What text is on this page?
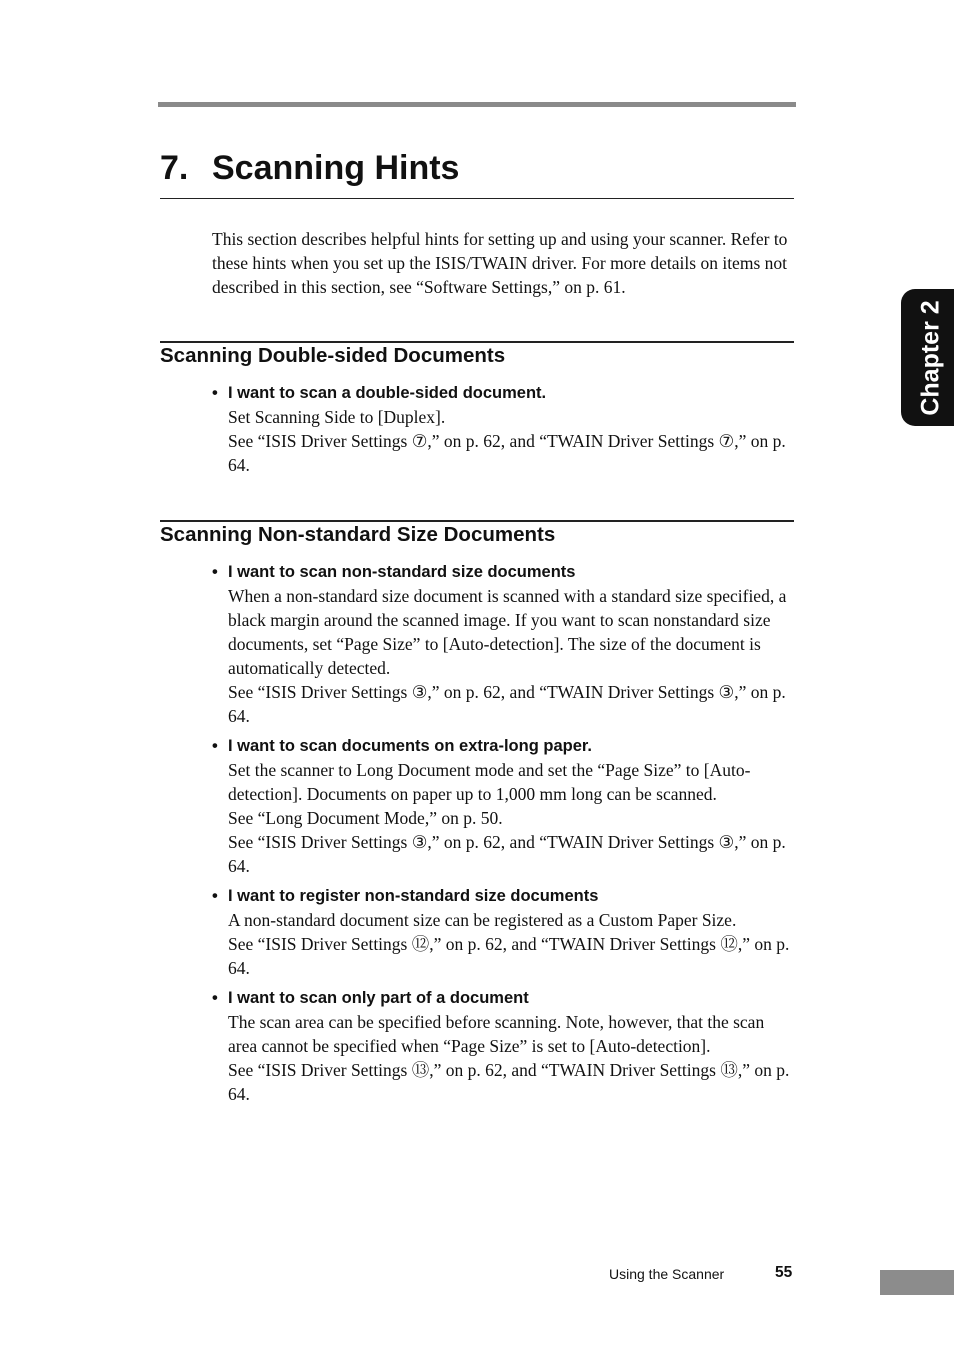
7. Scanning Hints

This section describes helpful hints for setting up and using your scanner. Refer to these hints when you set up the ISIS/TWAIN driver. For more details on items not described in this section, see “Software Settings,” on p. 61.

Scanning Double-sided Documents

• I want to scan a double-sided document.

Set Scanning Side to [Duplex].

See “ISIS Driver Settings ⑦,” on p. 62, and “TWAIN Driver Settings ⑦,” on p. 64.

Scanning Non-standard Size Documents

• I want to scan non-standard size documents

When a non-standard size document is scanned with a standard size specified, a black margin around the scanned image. If you want to scan nonstandard size documents, set “Page Size” to [Auto-detection]. The size of the document is automatically detected.

See “ISIS Driver Settings ③,” on p. 62, and “TWAIN Driver Settings ③,” on p. 64.

• I want to scan documents on extra-long paper.

Set the scanner to Long Document mode and set the “Page Size” to [Auto-detection]. Documents on paper up to 1,000 mm long can be scanned.

See “Long Document Mode,” on p. 50.

See “ISIS Driver Settings ③,” on p. 62, and “TWAIN Driver Settings ③,” on p. 64.

• I want to register non-standard size documents

A non-standard document size can be registered as a Custom Paper Size.

See “ISIS Driver Settings ⑫,” on p. 62, and “TWAIN Driver Settings ⑫,” on p. 64.

• I want to scan only part of a document

The scan area can be specified before scanning. Note, however, that the scan area cannot be specified when “Page Size” is set to [Auto-detection].

See “ISIS Driver Settings ⑬,” on p. 62, and “TWAIN Driver Settings ⑬,” on p. 64.

Chapter 2
Using the Scanner	55
